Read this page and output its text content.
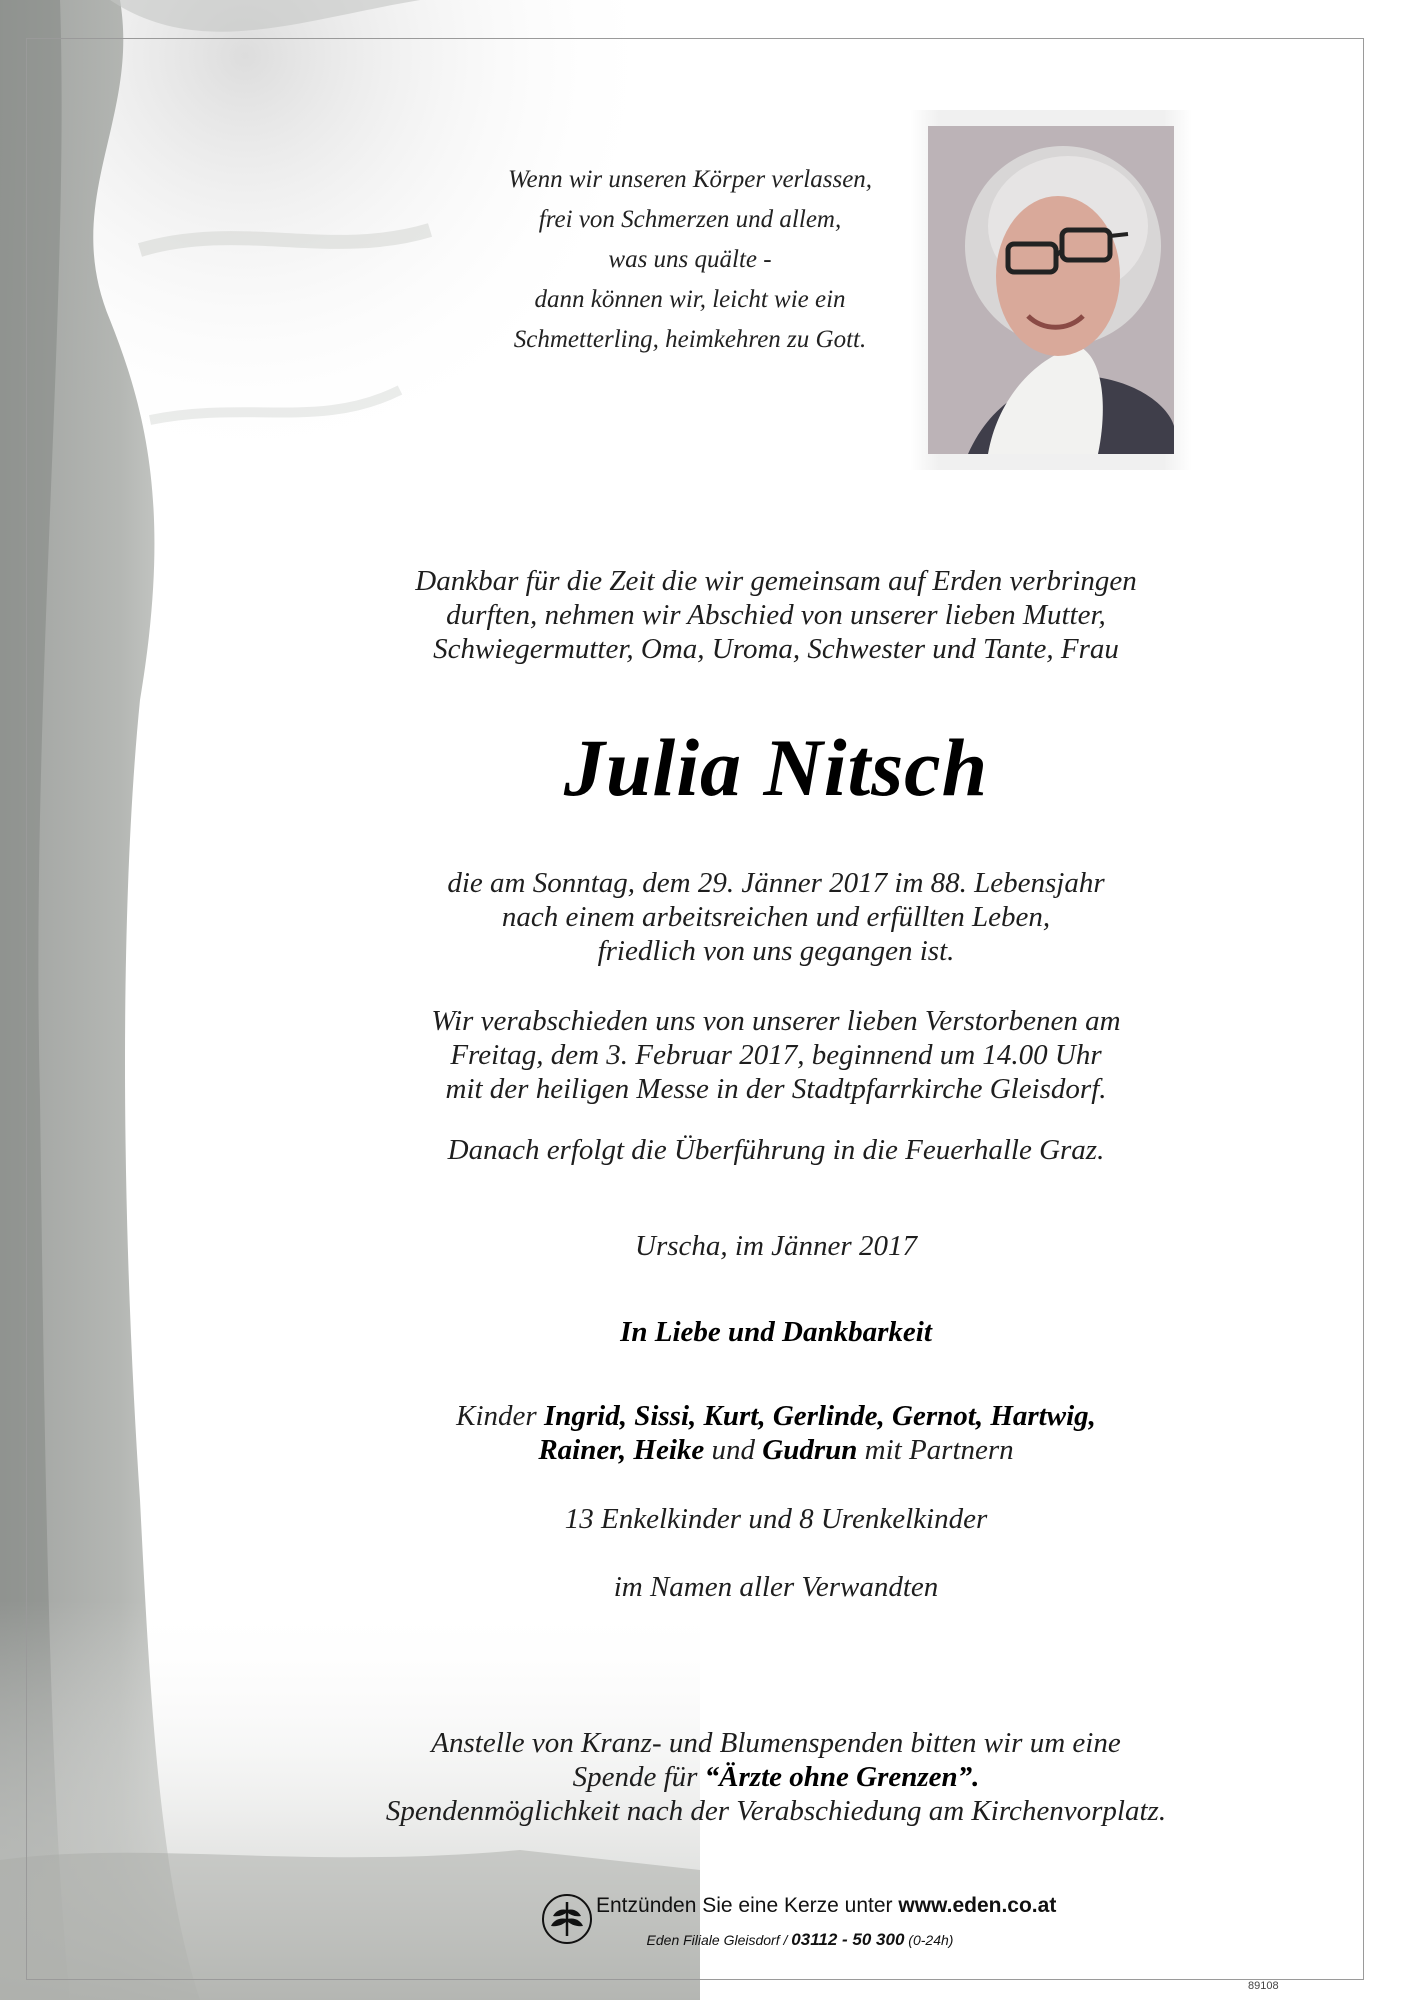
Wenn wir unseren Körper verlassen,
frei von Schmerzen und allem,
was uns quälte -
dann können wir, leicht wie ein
Schmetterling, heimkehren zu Gott.
Dankbar für die Zeit die wir gemeinsam auf Erden verbringen
durften, nehmen wir Abschied von unserer lieben Mutter,
Schwiegermutter, Oma, Uroma, Schwester und Tante, Frau
Julia Nitsch
die am Sonntag, dem 29. Jänner 2017 im 88. Lebensjahr
nach einem arbeitsreichen und erfüllten Leben,
friedlich von uns gegangen ist.
Wir verabschieden uns von unserer lieben Verstorbenen am
Freitag, dem 3. Februar 2017, beginnend um 14.00 Uhr
mit der heiligen Messe in der Stadtpfarrkirche Gleisdorf.
Danach erfolgt die Überführung in die Feuerhalle Graz.
Urscha, im Jänner 2017
In Liebe und Dankbarkeit
Kinder Ingrid, Sissi, Kurt, Gerlinde, Gernot, Hartwig,
Rainer, Heike und Gudrun mit Partnern
13 Enkelkinder und 8 Urenkelkinder
im Namen aller Verwandten
Anstelle von Kranz- und Blumenspenden bitten wir um eine
Spende für “Ärzte ohne Grenzen”.
Spendenmöglichkeit nach der Verabschiedung am Kirchenvorplatz.
Entzünden Sie eine Kerze unter www.eden.co.at
Eden Filiale Gleisdorf / 03112 - 50 300 (0-24h)
89108
